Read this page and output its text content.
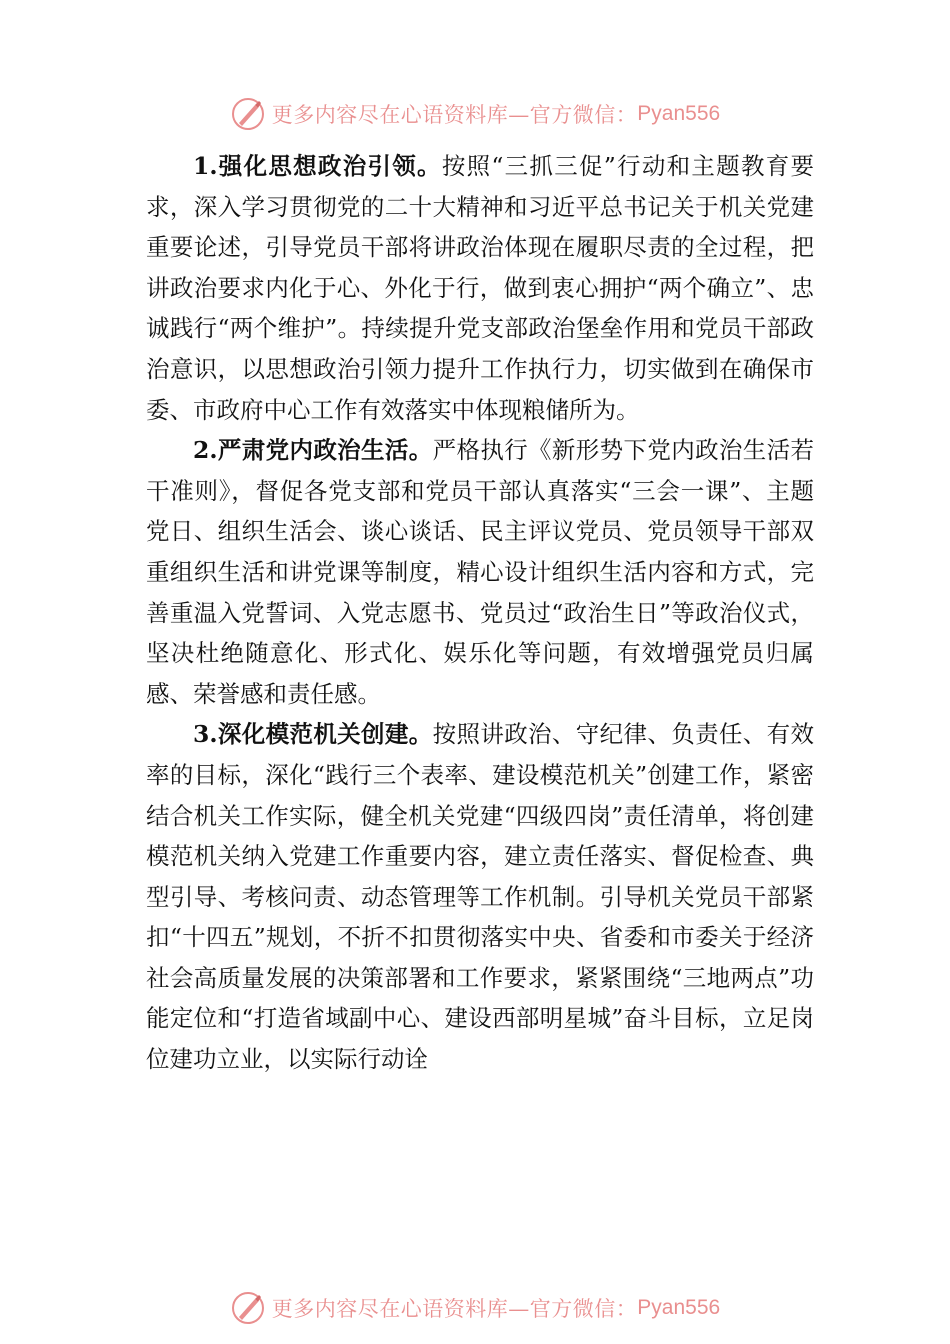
更多内容尽在心语资料库—官方微信： Pyan556

1.强化思想政治引领。按照“三抓三促”行动和主题教育要求，深入学习贯彻党的二十大精神和习近平总书记关于机关党建重要论述，引导党员干部将讲政治体现在履职尽责的全过程，把讲政治要求内化于心、外化于行，做到衷心拥护“两个确立”、忠诚践行“两个维护”。持续提升党支部政治堡垒作用和党员干部政治意识，以思想政治引领力提升工作执行力，切实做到在确保市委、市政府中心工作有效落实中体现粮储所为。

2.严肃党内政治生活。严格执行《新形势下党内政治生活若干准则》，督促各党支部和党员干部认真落实“三会一课”、主题党日、组织生活会、谈心谈话、民主评议党员、党员领导干部双重组织生活和讲党课等制度，精心设计组织生活内容和方式，完善重温入党誓词、入党志愿书、党员过“政治生日”等政治仪式，坚决杜绝随意化、形式化、娱乐化等问题，有效增强党员归属感、荣誉感和责任感。

3.深化模范机关创建。按照讲政治、守纪律、负责任、有效率的目标，深化“践行三个表率、建设模范机关”创建工作，紧密结合机关工作实际，健全机关党建“四级四岗”责任清单，将创建模范机关纳入党建工作重要内容，建立责任落实、督促检查、典型引导、考核问责、动态管理等工作机制。引导机关党员干部紧扣“十四五”规划，不折不扣贯彻落实中央、省委和市委关于经济社会高质量发展的决策部署和工作要求，紧紧围绕“三地两点”功能定位和“打造省域副中心、建设西部明星城”奋斗目标，立足岗位建功立业，以实际行动诠

更多内容尽在心语资料库—官方微信： Pyan556
